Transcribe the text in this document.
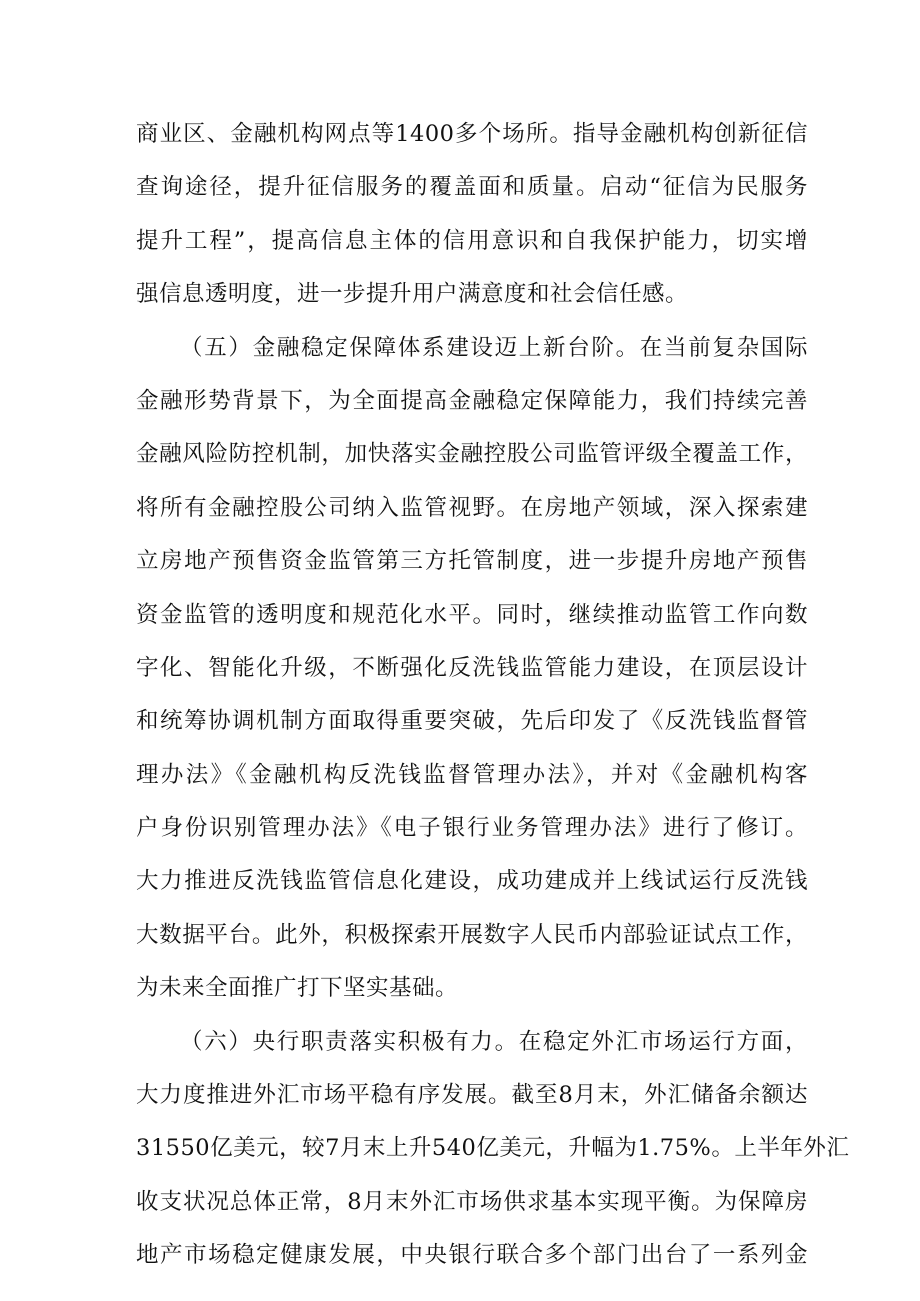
商业区、金融机构网点等1400多个场所。指导金融机构创新征信
查询途径，提升征信服务的覆盖面和质量。启动“征信为民服务
提升工程”，提高信息主体的信用意识和自我保护能力，切实增
强信息透明度，进一步提升用户满意度和社会信任感。
（五）金融稳定保障体系建设迈上新台阶。在当前复杂国际
金融形势背景下，为全面提高金融稳定保障能力，我们持续完善
金融风险防控机制，加快落实金融控股公司监管评级全覆盖工作，
将所有金融控股公司纳入监管视野。在房地产领域，深入探索建
立房地产预售资金监管第三方托管制度，进一步提升房地产预售
资金监管的透明度和规范化水平。同时，继续推动监管工作向数
字化、智能化升级，不断强化反洗钱监管能力建设，在顶层设计
和统筹协调机制方面取得重要突破，先后印发了《反洗钱监督管
理办法》《金融机构反洗钱监督管理办法》，并对《金融机构客
户身份识别管理办法》《电子银行业务管理办法》进行了修订。
大力推进反洗钱监管信息化建设，成功建成并上线试运行反洗钱
大数据平台。此外，积极探索开展数字人民币内部验证试点工作，
为未来全面推广打下坚实基础。
（六）央行职责落实积极有力。在稳定外汇市场运行方面，
大力度推进外汇市场平稳有序发展。截至8月末，外汇储备余额达
31550亿美元，较7月末上升540亿美元，升幅为1.75%。上半年外汇
收支状况总体正常，8月末外汇市场供求基本实现平衡。为保障房
地产市场稳定健康发展，中央银行联合多个部门出台了一系列金
